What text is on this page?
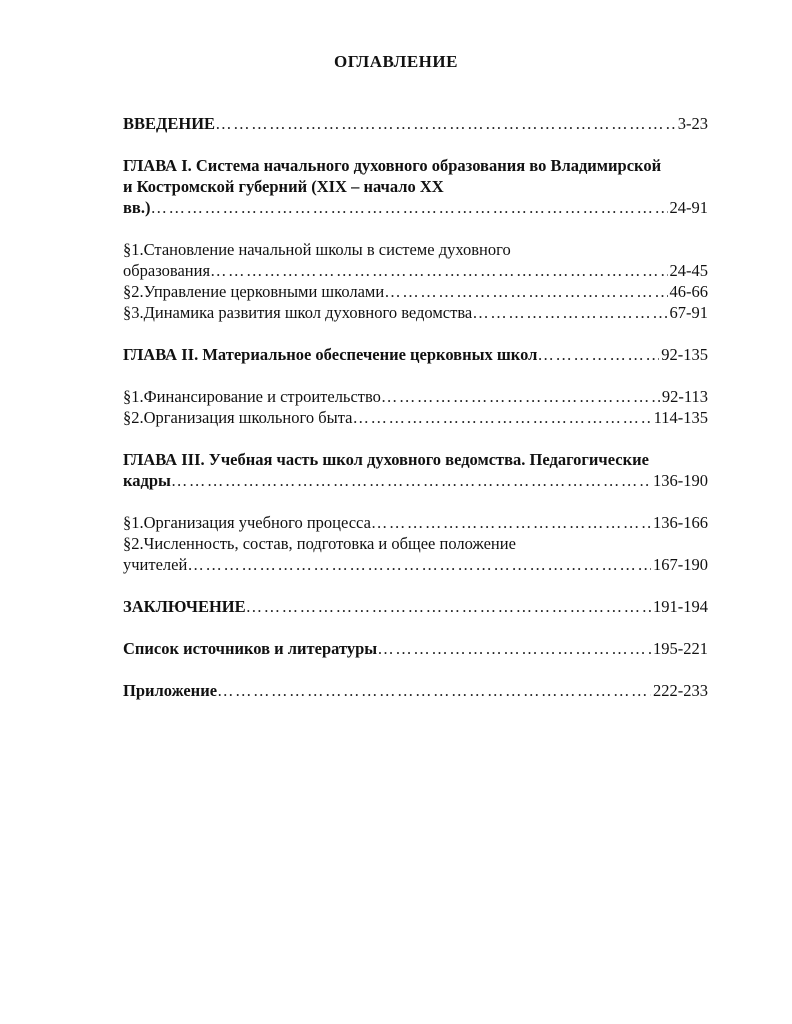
ОГЛАВЛЕНИЕ
ВВЕДЕНИЕ ……………………………………………………………………………………………………………………………………………………………………	3-23
ГЛАВА I. Система начального духовного образования во Владимирской
и Костромской губерний (XIX – начало XX
вв.) ……………………………………………………………………………………………………………………………………………………………………	24-91
§1.Становление начальной школы в системе духовного
образования ……………………………………………………………………………………………………………………………………………………………………	24-45
§2.Управление церковными школами ……………………………………………………………………………………………………………………………………………………………………	46-66
§3.Динамика развития школ духовного ведомства ……………………………………………………………………………………………………………………………………………………………………	67-91
ГЛАВА II. Материальное обеспечение церковных школ ……………………………………………………………………………………………………………………………………………………………………	92-135
§1.Финансирование и строительство ……………………………………………………………………………………………………………………………………………………………………	92-113
§2.Организация школьного быта ……………………………………………………………………………………………………………………………………………………………………	114-135
ГЛАВА III. Учебная часть школ духовного ведомства. Педагогические
кадры ……………………………………………………………………………………………………………………………………………………………………	136-190
§1.Организация учебного процесса ……………………………………………………………………………………………………………………………………………………………………	136-166
§2.Численность, состав, подготовка и общее положение
учителей ……………………………………………………………………………………………………………………………………………………………………	167-190
ЗАКЛЮЧЕНИЕ ……………………………………………………………………………………………………………………………………………………………………	191-194
Список источников и литературы ……………………………………………………………………………………………………………………………………………………………………	195-221
Приложение ……………………………………………………………………………………………………………………………………………………………………	222-233
